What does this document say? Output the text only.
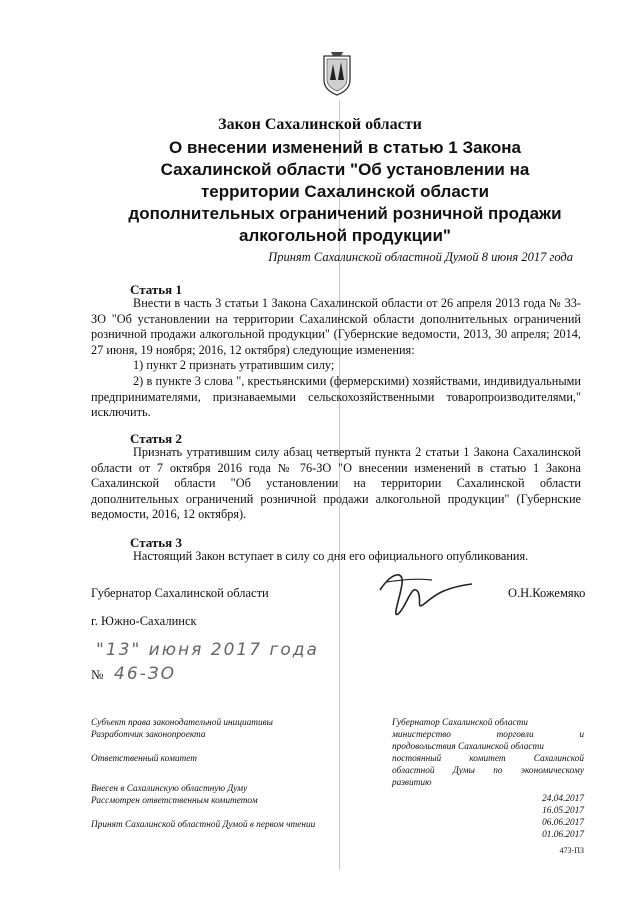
Закон Сахалинской области
О внесении изменений в статью 1 Закона
Сахалинской области "Об установлении на
территории Сахалинской области
дополнительных ограничений розничной продажи
алкогольной продукции"
Принят Сахалинской областной Думой 8 июня 2017 года
Статья 1
Внести в часть 3 статьи 1 Закона Сахалинской области от 26 апреля 2013 года № 33-ЗО "Об установлении на территории Сахалинской области дополнительных ограничений розничной продажи алкогольной продукции" (Губернские ведомости, 2013, 30 апреля; 2014, 27 июня, 19 ноября; 2016, 12 октября) следующие изменения:
1) пункт 2 признать утратившим силу;
2) в пункте 3 слова ", крестьянскими (фермерскими) хозяйствами, индивидуальными предпринимателями, признаваемыми сельскохозяйственными товаропроизводителями," исключить.
Статья 2
Признать утратившим силу абзац четвертый пункта 2 статьи 1 Закона Сахалинской области от 7 октября 2016 года № 76-ЗО "О внесении изменений в статью 1 Закона Сахалинской области "Об установлении на территории Сахалинской области дополнительных ограничений розничной продажи алкогольной продукции" (Губернские ведомости, 2016, 12 октября).
Статья 3
Настоящий Закон вступает в силу со дня его официального опубликования.
Губернатор Сахалинской области	О.Н.Кожемяко
г. Южно-Сахалинск
"13" июня 2017 года
№ 46-ЗО
Субъект права законодательной инициативы
Разработчик законопроекта
Ответственный комитет
Внесен в Сахалинскую областную Думу
Рассмотрен ответственным комитетом
Принят Сахалинской областной Думой в первом чтении
Губернатор Сахалинской области
министерство торговли и
продовольствия Сахалинской области
постоянный комитет Сахалинской
областной Думы по экономическому
развитию
24.04.2017
16.05.2017
06.06.2017
01.06.2017
473-ПЗ
